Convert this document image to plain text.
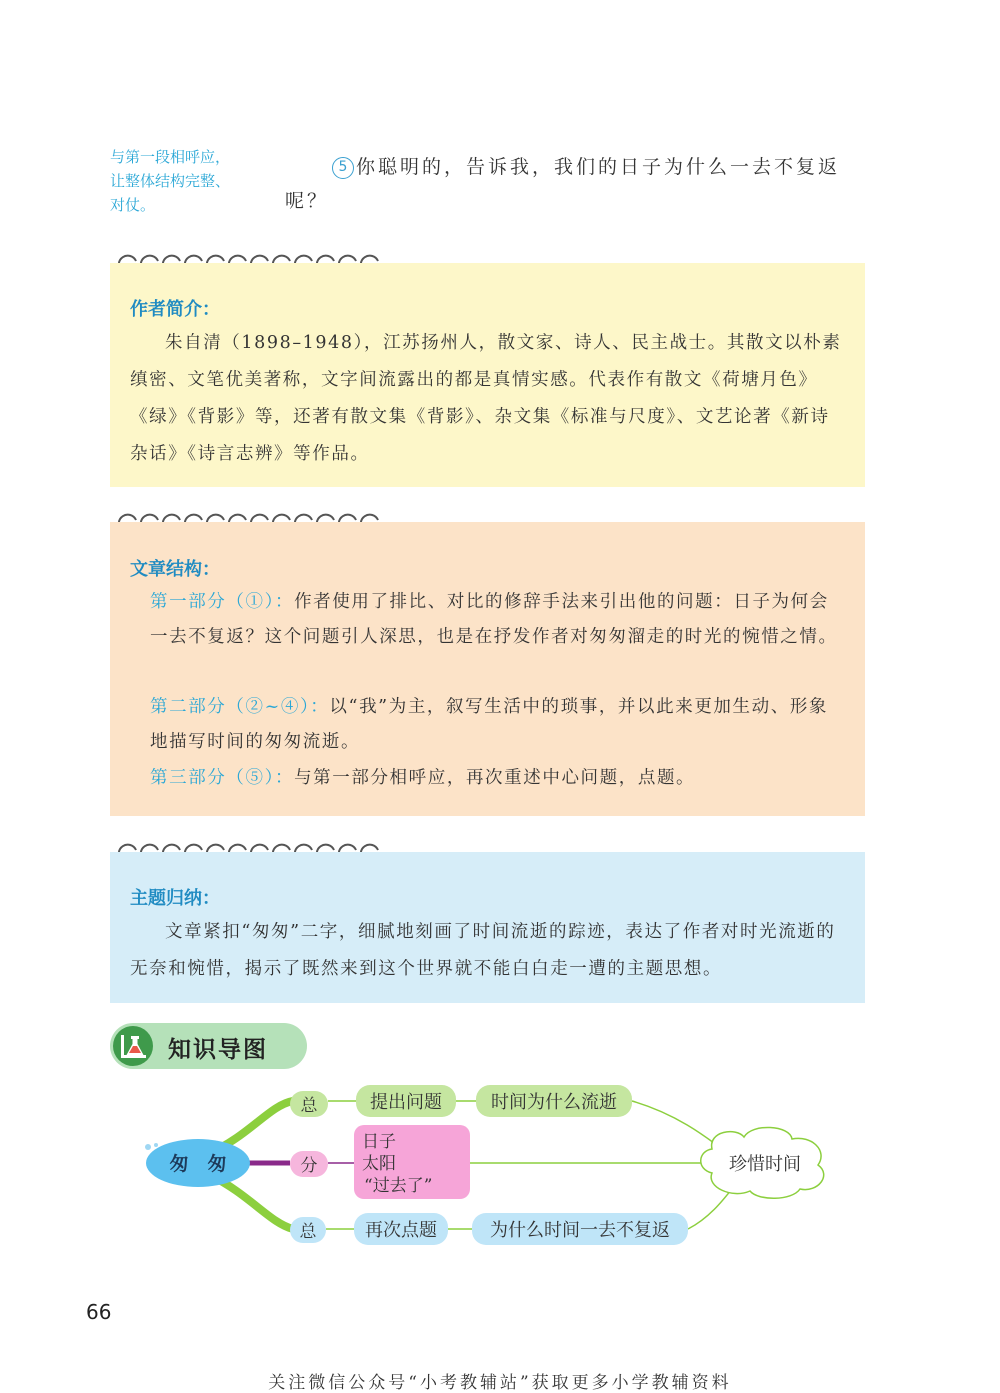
与第一段相呼应，
让整体结构完整、
对仗。
5 你聪明的，告诉我，我们的日子为什么一去不复返呢？
作者简介：
朱自清（1898–1948），江苏扬州人，散文家、诗人、民主战士。其散文以朴素缜密、文笔优美著称，文字间流露出的都是真情实感。代表作有散文《荷塘月色》《绿》《背影》等，还著有散文集《背影》、杂文集《标准与尺度》、文艺论著《新诗杂话》《诗言志辨》等作品。
文章结构：
第一部分（①）：作者使用了排比、对比的修辞手法来引出他的问题：日子为何会一去不复返？这个问题引人深思，也是在抒发作者对匆匆溜走的时光的惋惜之情。
第二部分（②~④）：以“我”为主，叙写生活中的琐事，并以此来更加生动、形象地描写时间的匆匆流逝。
第三部分（⑤）：与第一部分相呼应，再次重述中心问题，点题。
主题归纳：
文章紧扣“匆匆”二字，细腻地刻画了时间流逝的踪迹，表达了作者对时光流逝的无奈和惋惜，揭示了既然来到这个世界就不能白白走一遭的主题思想。
知识导图
匆　匆
总	提出问题	时间为什么流逝
分
日子
太阳
“过去了”
总	再次点题	为什么时间一去不复返
珍惜时间
66
关注微信公众号“小考教辅站”获取更多小学教辅资料
